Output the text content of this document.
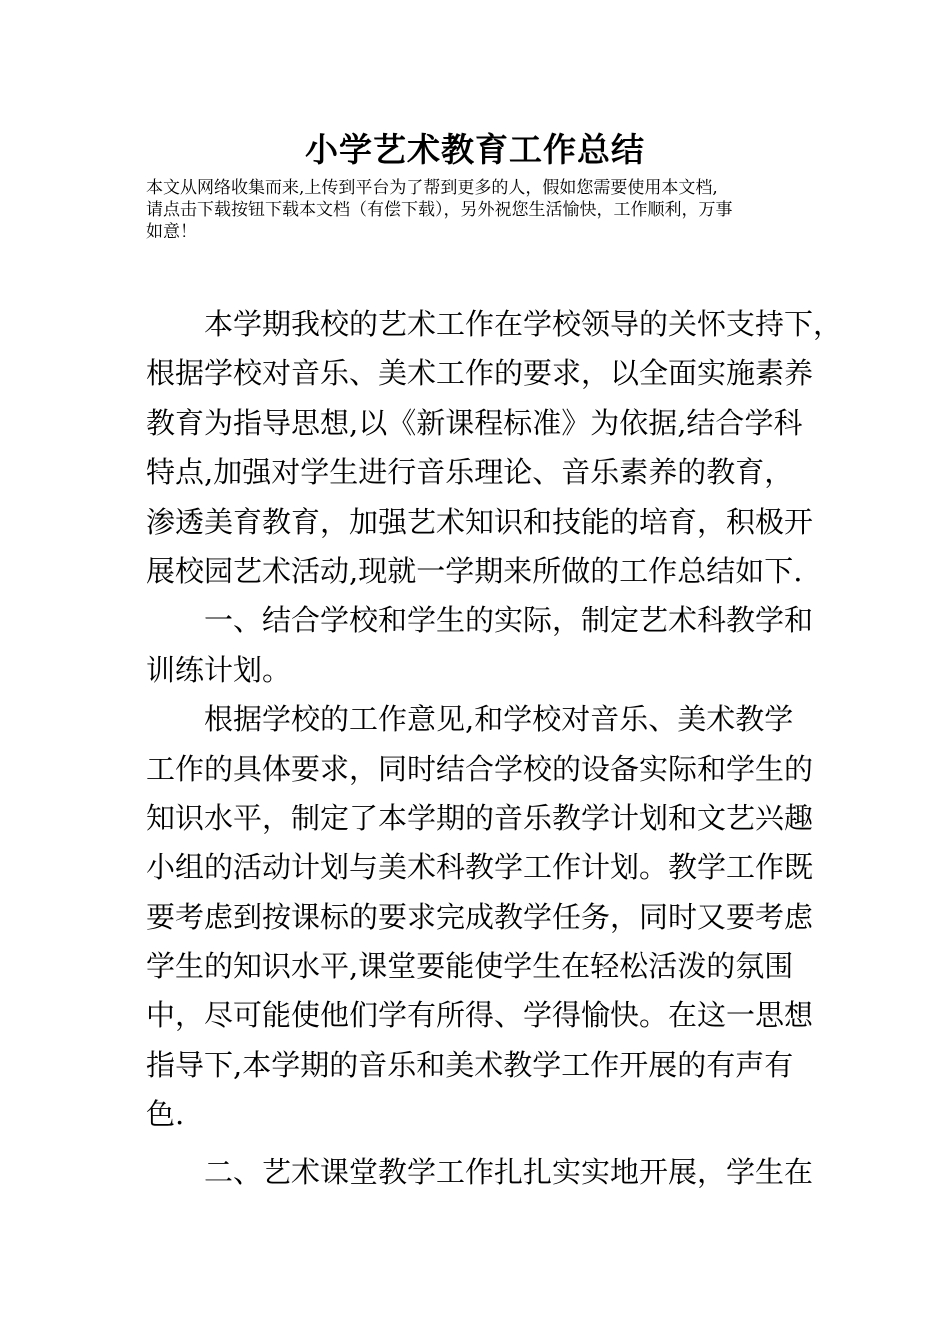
小学艺术教育工作总结
本文从网络收集而来,上传到平台为了帮到更多的人，假如您需要使用本文档,
请点击下载按钮下载本文档（有偿下载），另外祝您生活愉快，工作顺利，万事
如意！
本学期我校的艺术工作在学校领导的关怀支持下，
根据学校对音乐、美术工作的要求，以全面实施素养
教育为指导思想,以《新课程标准》为依据,结合学科
特点,加强对学生进行音乐理论、音乐素养的教育，
渗透美育教育，加强艺术知识和技能的培育，积极开
展校园艺术活动,现就一学期来所做的工作总结如下.
一、结合学校和学生的实际，制定艺术科教学和
训练计划。
根据学校的工作意见,和学校对音乐、美术教学
工作的具体要求，同时结合学校的设备实际和学生的
知识水平，制定了本学期的音乐教学计划和文艺兴趣
小组的活动计划与美术科教学工作计划。教学工作既
要考虑到按课标的要求完成教学任务，同时又要考虑
学生的知识水平,课堂要能使学生在轻松活泼的氛围
中，尽可能使他们学有所得、学得愉快。在这一思想
指导下,本学期的音乐和美术教学工作开展的有声有
色.
二、艺术课堂教学工作扎扎实实地开展，学生在
